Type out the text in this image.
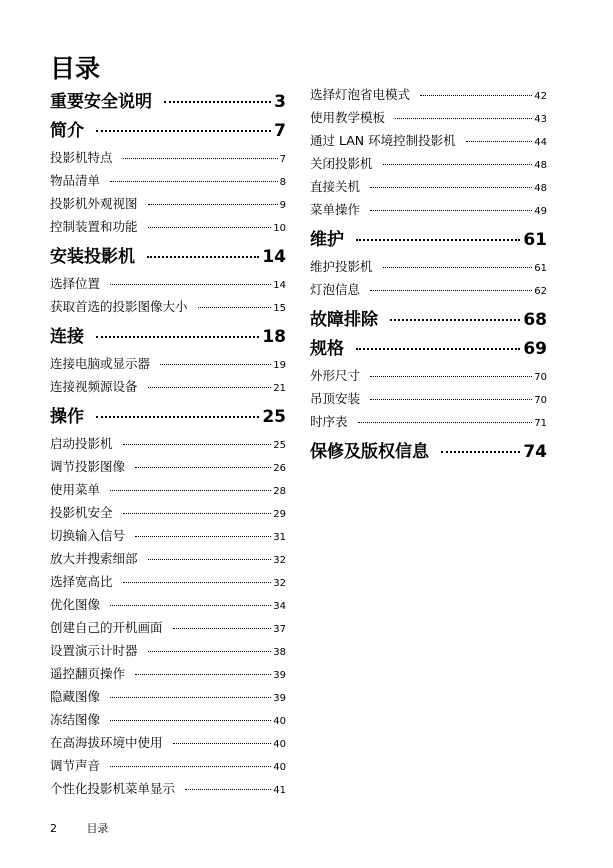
目录
重要安全说明	3
简介	7
投影机特点	7
物品清单	8
投影机外观视图	9
控制装置和功能	10
安装投影机	14
选择位置	14
获取首选的投影图像大小	15
连接	18
连接电脑或显示器	19
连接视频源设备	21
操作	25
启动投影机	25
调节投影图像	26
使用菜单	28
投影机安全	29
切换输入信号	31
放大并搜索细部	32
选择宽高比	32
优化图像	34
创建自己的开机画面	37
设置演示计时器	38
遥控翻页操作	39
隐藏图像	39
冻结图像	40
在高海拔环境中使用	40
调节声音	40
个性化投影机菜单显示	41
选择灯泡省电模式	42
使用教学模板	43
通过 LAN 环境控制投影机	44
关闭投影机	48
直接关机	48
菜单操作	49
维护	61
维护投影机	61
灯泡信息	62
故障排除	68
规格	69
外形尺寸	70
吊顶安装	70
时序表	71
保修及版权信息	74
2	目录
